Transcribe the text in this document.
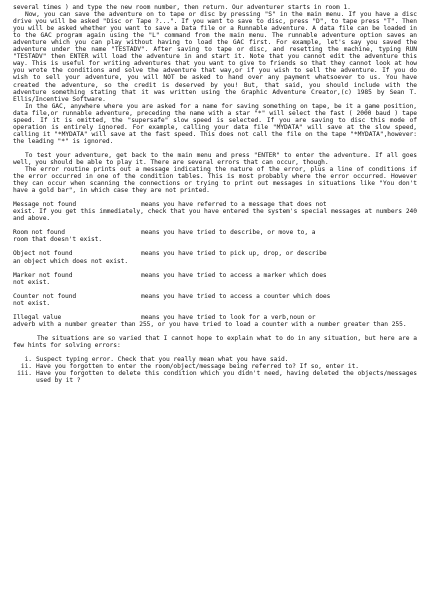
several times ) and type the new room number, then return. Our adventurer starts in room 1.

Now, you can save the adventure on to tape or disc by pressing "S" in the main menu. If you have a disc drive you will be asked "Disc or Tape ?...". If you want to save to disc, press "D", to tape press "T". Then you will be asked whether you want to save a Data file or a Runnable adventure. A data file can be loaded in to the GAC program again using the "L" command from the main menu. The runnable adventure option saves an adventure which you can play without having to load the GAC first. For example, let's say you saved the adventure under the name "TESTADV". After saving to tape or disc, and resetting the machine, typing RUN "TESTADV" then ENTER will load the adventure in and start it. Note that you cannot edit the adventure this way. This is useful for writing adventures that you want to give to friends so that they cannot look at how you wrote the conditions and solve the adventure that way,or if you wish to sell the adventure. If you do wish to sell your adventure, you will NOT be asked to hand over any payment whatsoever to us. You have created the adventure, so the credit is deserved by you! But, that said, you should include with the adventure something stating that it was written using the Graphic Adventure Creator,(c) 1985 by Sean T. Ellis/Incentive Software.

In the GAC, anywhere where you are asked for a name for saving something on tape, be it a game position, data file,or runnable adventure, preceding the name with a star "*" will select the fast ( 2000 baud ) tape speed. If it is omitted, the "supersafe" slow speed is selected. If you are saving to disc this mode of operation is entirely ignored. For example, calling your data file "MYDATA" will save at the slow speed, calling it "*MYDATA" will save at the fast speed. This does not call the file on the tape "*MYDATA",however: the leading "*" is ignored.

To test your adventure, get back to the main menu and press "ENTER" to enter the adventure. If all goes well, you should be able to play it. There are several errors that can occur, though.

The error routine prints out a message indicating the nature of the error, plus a line of conditions if the error occurred in one of the condition tables. This is most probably where the error occurred. However they can occur when scanning the connections or trying to print out messages in situations like "You don't have a gold bar", in which case they are not printed.

Message not found	means you have referred to a message that does not

exist. If you get this immediately, check that you have entered the system's special messages at numbers 240 and above.

Room not found	means you have tried to describe, or move to, a

room that doesn't exist.

Object not found	means you have tried to pick up, drop, or describe

an object which does not exist.

Marker not found	means you have tried to access a marker which does

not exist.

Counter not found	means you have tried to access a counter which does

not exist.

Illegal value	means you have tried to look for a verb,noun or

adverb with a number greater than 255, or you have tried to load a counter with a number greater than 255.

The situations are so varied that I cannot hope to explain what to do in any situation, but here are a few hints for solving errors:

i. Suspect typing error. Check that you really mean what you have said.
ii. Have you forgotten to enter the room/object/message being referred to? If so, enter it.
iii. Have you forgotten to delete this condition which you didn't need, having deleted the objects/messages used by it ?
